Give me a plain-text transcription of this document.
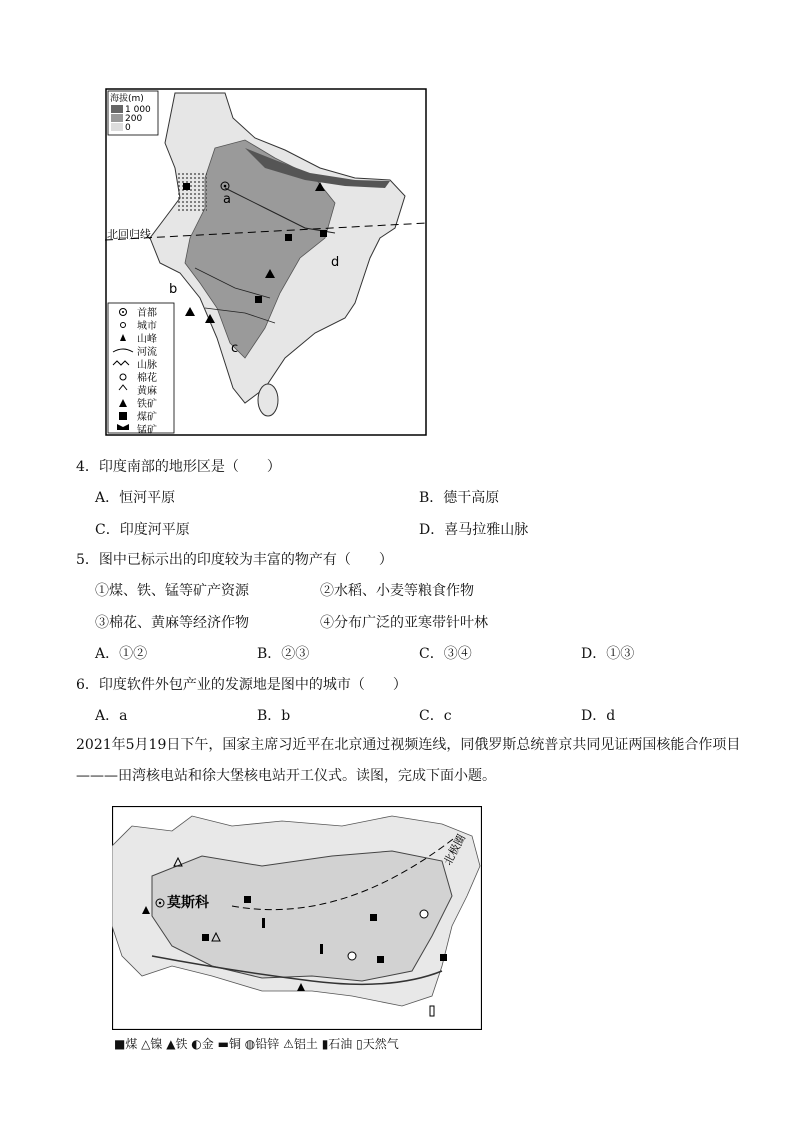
北回归线
海拔(m)
1 000
200
0
a
b
c
d
首都
城市
山峰
河流
山脉
棉花
黄麻
铁矿
煤矿
锰矿
4．印度南部的地形区是（　　）
A．恒河平原	B．德干高原
C．印度河平原	D．喜马拉雅山脉
5．图中已标示出的印度较为丰富的物产有（　　）
①煤、铁、锰等矿产资源	②水稻、小麦等粮食作物
③棉花、黄麻等经济作物	④分布广泛的亚寒带针叶林
A．①②	B．②③	C．③④	D．①③
6．印度软件外包产业的发源地是图中的城市（　　）
A．a	B．b	C．c	D．d
2021年5月19日下午，国家主席习近平在北京通过视频连线，同俄罗斯总统普京共同见证两国核能合作项目———田湾核电站和徐大堡核电站开工仪式。读图，完成下面小题。
北极圈
莫斯科
■煤 △镍 ▲铁 ◐金 ▬铜 ◍铅锌 ⚠铝土 ▮石油 ▯天然气
